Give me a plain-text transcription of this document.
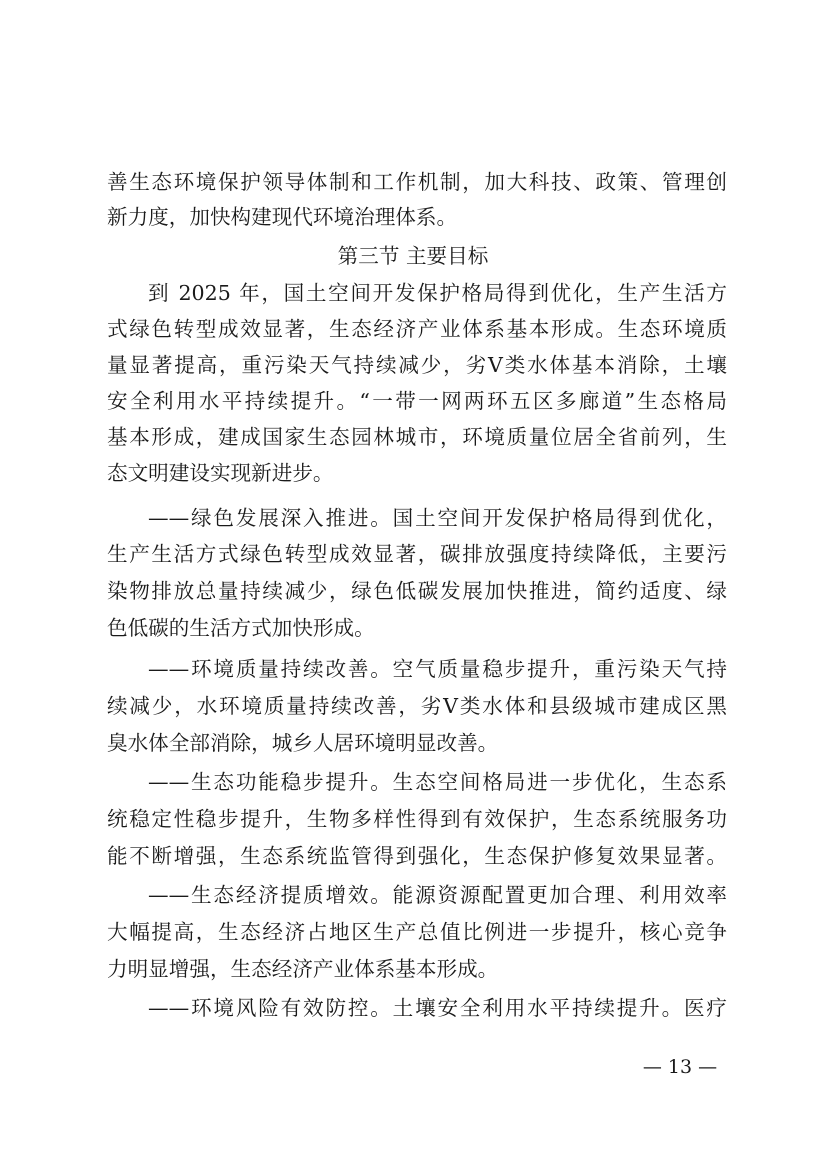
善生态环境保护领导体制和工作机制，加大科技、政策、管理创
新力度，加快构建现代环境治理体系。
第三节 主要目标
到 2025 年，国土空间开发保护格局得到优化，生产生活方
式绿色转型成效显著，生态经济产业体系基本形成。生态环境质
量显著提高，重污染天气持续减少，劣Ⅴ类水体基本消除，土壤
安全利用水平持续提升。“一带一网两环五区多廊道”生态格局
基本形成，建成国家生态园林城市，环境质量位居全省前列，生
态文明建设实现新进步。
——绿色发展深入推进。国土空间开发保护格局得到优化，
生产生活方式绿色转型成效显著，碳排放强度持续降低，主要污
染物排放总量持续减少，绿色低碳发展加快推进，简约适度、绿
色低碳的生活方式加快形成。
——环境质量持续改善。空气质量稳步提升，重污染天气持
续减少，水环境质量持续改善，劣Ⅴ类水体和县级城市建成区黑
臭水体全部消除，城乡人居环境明显改善。
——生态功能稳步提升。生态空间格局进一步优化，生态系
统稳定性稳步提升，生物多样性得到有效保护，生态系统服务功
能不断增强，生态系统监管得到强化，生态保护修复效果显著。
——生态经济提质增效。能源资源配置更加合理、利用效率
大幅提高，生态经济占地区生产总值比例进一步提升，核心竞争
力明显增强，生态经济产业体系基本形成。
——环境风险有效防控。土壤安全利用水平持续提升。医疗
— 13 —
